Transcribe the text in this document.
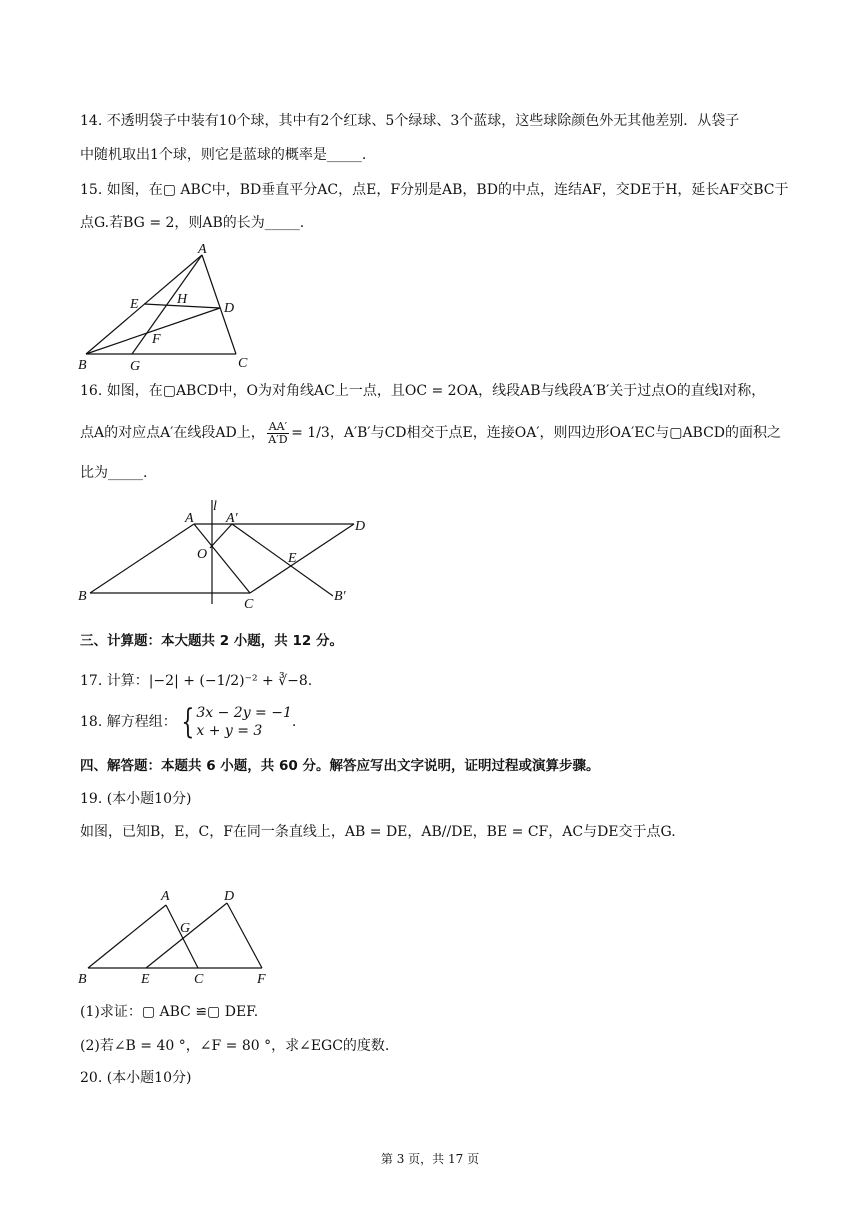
14. 不透明袋子中装有10个球，其中有2个红球、5个绿球、3个蓝球，这些球除颜色外无其他差别．从袋子
中随机取出1个球，则它是蓝球的概率是_____.
15. 如图，在▢ ABC中，BD垂直平分AC，点E，F分别是AB，BD的中点，连结AF，交DE于H，延长AF交BC于
点G.若BG = 2，则AB的长为_____.
A
B	C
D
E
F
G
H
16. 如图，在▢ABCD中，O为对角线AC上一点，且OC = 2OA，线段AB与线段A′B′关于过点O的直线l对称，
点A的对应点A′在线段AD上， $\frac{AA'}{A'D} = 1/3$，A′B′与CD相交于点E，连接OA′，则四边形OA′EC与▢ABCD的面积之
比为_____.
A A′
D
O	E
B
C
B′
l
三、计算题：本大题共 2 小题，共 12 分。
17. 计算：|−2| + (−1/2)⁻² + ∛−8.
18. 解方程组： { 3x − 2y = −1
x + y = 3
.
四、解答题：本题共 6 小题，共 60 分。解答应写出文字说明，证明过程或演算步骤。
19. (本小题10分)
如图，已知B，E，C，F在同一条直线上，AB = DE，AB//DE，BE = CF，AC与DE交于点G.
A	D
G
B	E	C	F
(1)求证：▢ ABC ≌▢ DEF.
(2)若∠B = 40 °，∠F = 80 °，求∠EGC的度数.
20. (本小题10分)
第 3 页，共 17 页
